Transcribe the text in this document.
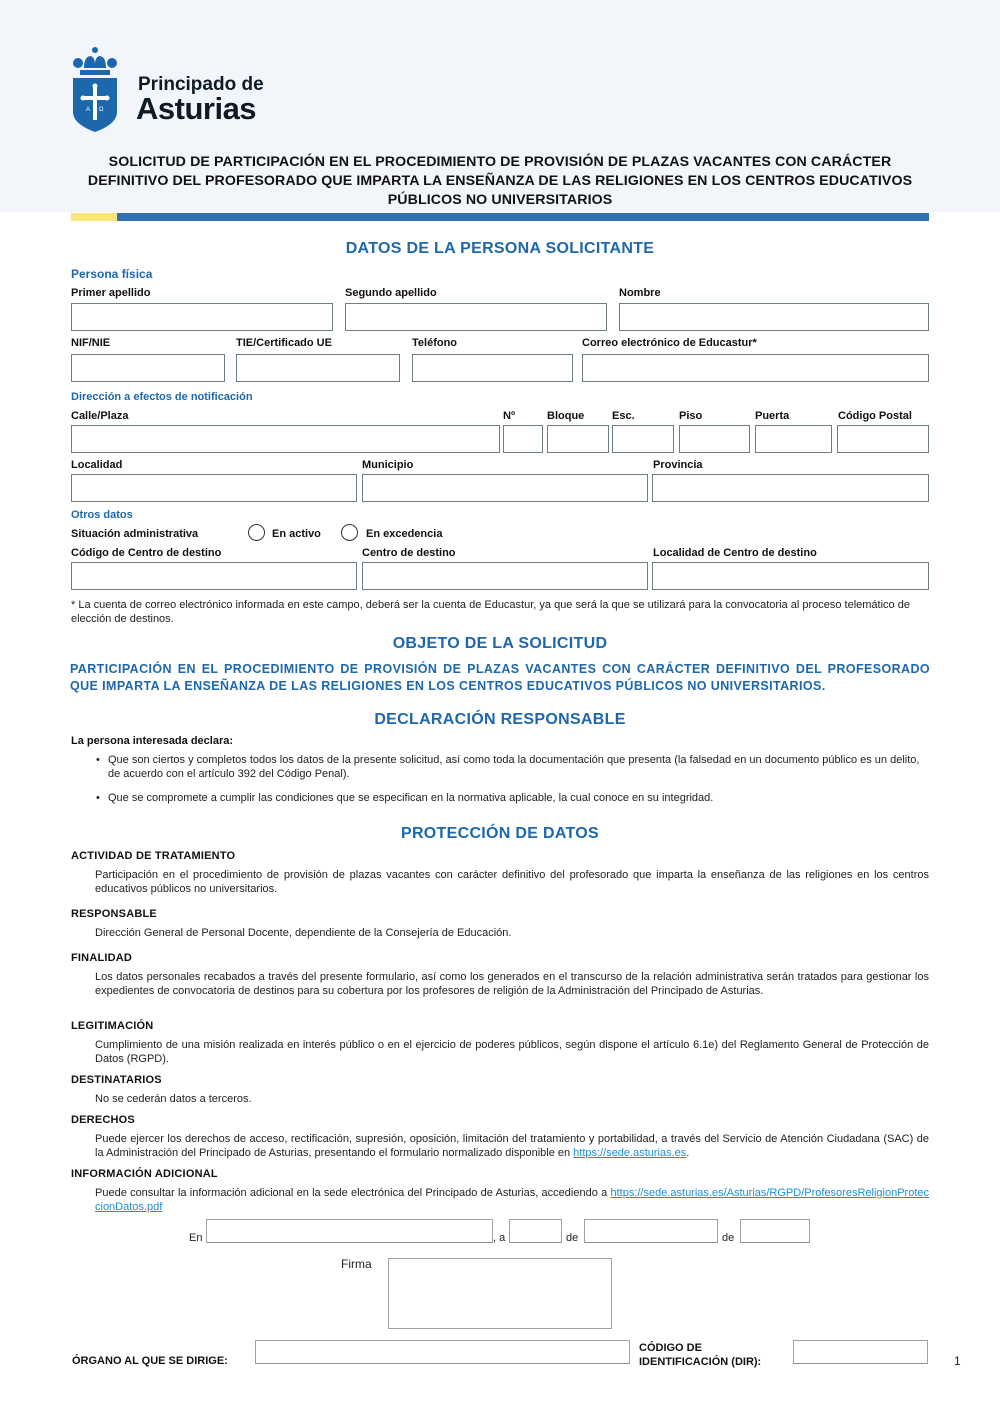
A Ω
Principado de
Asturias
SOLICITUD DE PARTICIPACIÓN EN EL PROCEDIMIENTO DE PROVISIÓN DE PLAZAS VACANTES CON CARÁCTER DEFINITIVO DEL PROFESORADO QUE IMPARTA LA ENSEÑANZA DE LAS RELIGIONES EN LOS CENTROS EDUCATIVOS PÚBLICOS NO UNIVERSITARIOS
DATOS DE LA PERSONA SOLICITANTE
Persona física
Primer apellido	Segundo apellido	Nombre
NIF/NIE	TIE/Certificado UE	Teléfono	Correo electrónico de Educastur*
Dirección a efectos de notificación
Calle/Plaza	Nº	Bloque	Esc.	Piso	Puerta	Código Postal
Localidad	Municipio	Provincia
Otros datos
Situación administrativa	En activo	En excedencia
Código de Centro de destino	Centro de destino	Localidad de Centro de destino
* La cuenta de correo electrónico informada en este campo, deberá ser la cuenta de Educastur, ya que será la que se utilizará para la convocatoria al proceso telemático de elección de destinos.
OBJETO DE LA SOLICITUD
PARTICIPACIÓN EN EL PROCEDIMIENTO DE PROVISIÓN DE PLAZAS VACANTES CON CARÁCTER DEFINITIVO DEL PROFESORADO QUE IMPARTA LA ENSEÑANZA DE LAS RELIGIONES EN LOS CENTROS EDUCATIVOS PÚBLICOS NO UNIVERSITARIOS.
DECLARACIÓN RESPONSABLE
La persona interesada declara:
• Que son ciertos y completos todos los datos de la presente solicitud, así como toda la documentación que presenta (la falsedad en un documento público es un delito, de acuerdo con el artículo 392 del Código Penal).
• Que se compromete a cumplir las condiciones que se especifican en la normativa aplicable, la cual conoce en su integridad.
PROTECCIÓN DE DATOS
ACTIVIDAD DE TRATAMIENTO
Participación en el procedimiento de provisión de plazas vacantes con carácter definitivo del profesorado que imparta la enseñanza de las religiones en los centros educativos públicos no universitarios.
RESPONSABLE
Dirección General de Personal Docente, dependiente de la Consejería de Educación.
FINALIDAD
Los datos personales recabados a través del presente formulario, así como los generados en el transcurso de la relación administrativa serán tratados para gestionar los expedientes de convocatoria de destinos para su cobertura por los profesores de religión de la Administración del Principado de Asturias.
LEGITIMACIÓN
Cumplimiento de una misión realizada en interés público o en el ejercicio de poderes públicos, según dispone el artículo 6.1e) del Reglamento General de Protección de Datos (RGPD).
DESTINATARIOS
No se cederán datos a terceros.
DERECHOS
Puede ejercer los derechos de acceso, rectificación, supresión, oposición, limitación del tratamiento y portabilidad, a través del Servicio de Atención Ciudadana (SAC) de la Administración del Principado de Asturias, presentando el formulario normalizado disponible en https://sede.asturias.es.
INFORMACIÓN ADICIONAL
Puede consultar la información adicional en la sede electrónica del Principado de Asturias, accediendo a https://sede.asturias.es/Asturias/RGPD/ProfesoresReligionProteccionDatos.pdf
En	, a	de	de
Firma
ÓRGANO AL QUE SE DIRIGE:
CÓDIGO DE
IDENTIFICACIÓN (DIR):	1
